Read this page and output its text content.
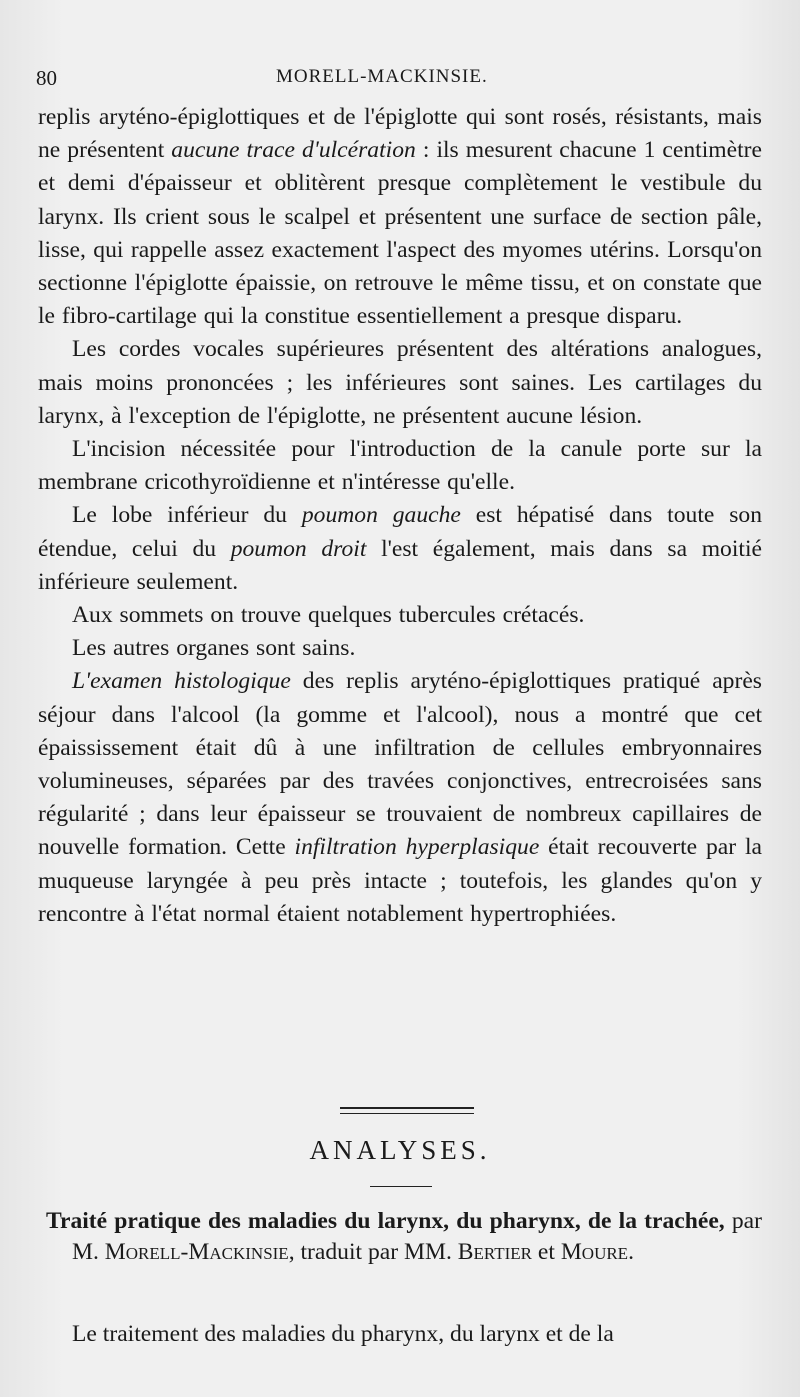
80	MORELL-MACKINSIE.

replis aryténo-épiglottiques et de l'épiglotte qui sont rosés, résistants, mais ne présentent aucune trace d'ulcération : ils mesurent chacune 1 centimètre et demi d'épaisseur et oblitèrent presque complètement le vestibule du larynx. Ils crient sous le scalpel et présentent une surface de section pâle, lisse, qui rappelle assez exactement l'aspect des myomes utérins. Lorsqu'on sectionne l'épiglotte épaissie, on retrouve le même tissu, et on constate que le fibro-cartilage qui la constitue essentiellement a presque disparu.

Les cordes vocales supérieures présentent des altérations analogues, mais moins prononcées ; les inférieures sont saines. Les cartilages du larynx, à l'exception de l'épiglotte, ne présentent aucune lésion.

L'incision nécessitée pour l'introduction de la canule porte sur la membrane cricothyroïdienne et n'intéresse qu'elle.

Le lobe inférieur du poumon gauche est hépatisé dans toute son étendue, celui du poumon droit l'est également, mais dans sa moitié inférieure seulement.

Aux sommets on trouve quelques tubercules crétacés.

Les autres organes sont sains.

L'examen histologique des replis aryténo-épiglottiques pratiqué après séjour dans l'alcool (la gomme et l'alcool), nous a montré que cet épaississement était dû à une infiltration de cellules embryonnaires volumineuses, séparées par des travées conjonctives, entrecroisées sans régularité ; dans leur épaisseur se trouvaient de nombreux capillaires de nouvelle formation. Cette infiltration hyperplasique était recouverte par la muqueuse laryngée à peu près intacte ; toutefois, les glandes qu'on y rencontre à l'état normal étaient notablement hypertrophiées.

ANALYSES.
Traité pratique des maladies du larynx, du pharynx, de la trachée, par M. Morell-Mackinsie, traduit par MM. Bertier et Moure.
Le traitement des maladies du pharynx, du larynx et de la
